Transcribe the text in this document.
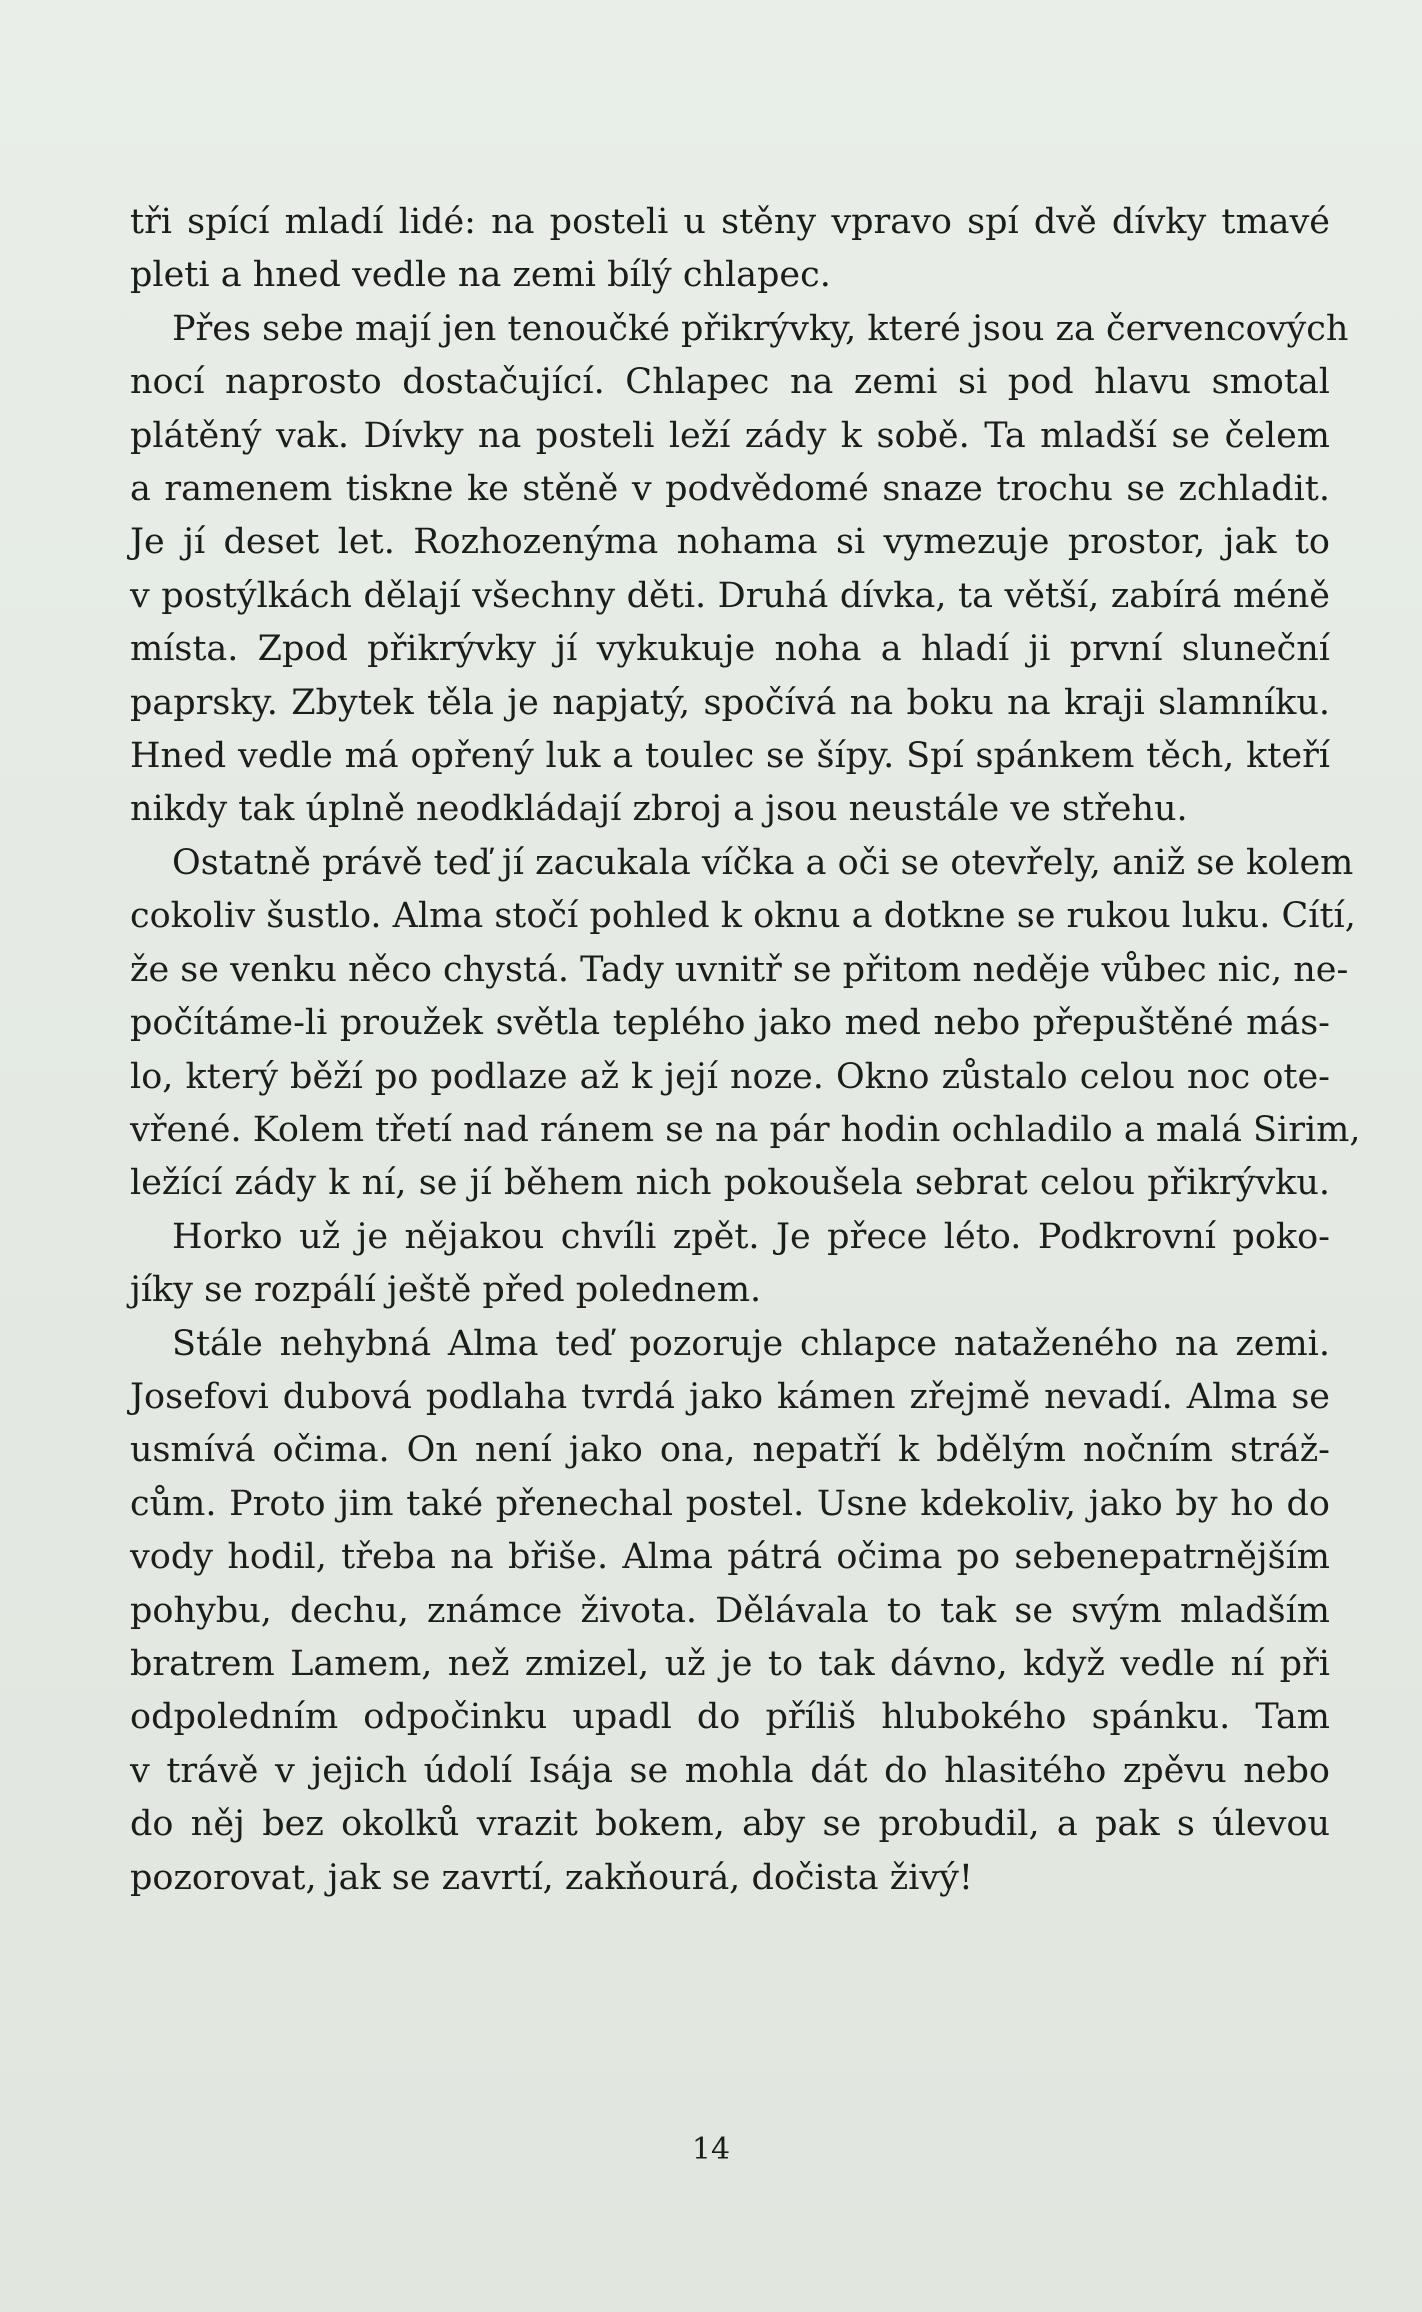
tři spící mladí lidé: na posteli u stěny vpravo spí dvě dívky tmavé
pleti a hned vedle na zemi bílý chlapec.
Přes sebe mají jen tenoučké přikrývky, které jsou za červencových
nocí naprosto dostačující. Chlapec na zemi si pod hlavu smotal
plátěný vak. Dívky na posteli leží zády k sobě. Ta mladší se čelem
a ramenem tiskne ke stěně v podvědomé snaze trochu se zchladit.
Je jí deset let. Rozhozenýma nohama si vymezuje prostor, jak to
v postýlkách dělají všechny děti. Druhá dívka, ta větší, zabírá méně
místa. Zpod přikrývky jí vykukuje noha a hladí ji první sluneční
paprsky. Zbytek těla je napjatý, spočívá na boku na kraji slamníku.
Hned vedle má opřený luk a toulec se šípy. Spí spánkem těch, kteří
nikdy tak úplně neodkládají zbroj a jsou neustále ve střehu.
Ostatně právě teď jí zacukala víčka a oči se otevřely, aniž se kolem
cokoliv šustlo. Alma stočí pohled k oknu a dotkne se rukou luku. Cítí,
že se venku něco chystá. Tady uvnitř se přitom neděje vůbec nic, ne-
počítáme-li proužek světla teplého jako med nebo přepuštěné más-
lo, který běží po podlaze až k její noze. Okno zůstalo celou noc ote-
vřené. Kolem třetí nad ránem se na pár hodin ochladilo a malá Sirim,
ležící zády k ní, se jí během nich pokoušela sebrat celou přikrývku.
Horko už je nějakou chvíli zpět. Je přece léto. Podkrovní poko-
jíky se rozpálí ještě před polednem.
Stále nehybná Alma teď pozoruje chlapce nataženého na zemi.
Josefovi dubová podlaha tvrdá jako kámen zřejmě nevadí. Alma se
usmívá očima. On není jako ona, nepatří k bdělým nočním stráž-
cům. Proto jim také přenechal postel. Usne kdekoliv, jako by ho do
vody hodil, třeba na břiše. Alma pátrá očima po sebenepatrnějším
pohybu, dechu, známce života. Dělávala to tak se svým mladším
bratrem Lamem, než zmizel, už je to tak dávno, když vedle ní při
odpoledním odpočinku upadl do příliš hlubokého spánku. Tam
v trávě v jejich údolí Isája se mohla dát do hlasitého zpěvu nebo
do něj bez okolků vrazit bokem, aby se probudil, a pak s úlevou
pozorovat, jak se zavrtí, zakňourá, dočista živý!
14
